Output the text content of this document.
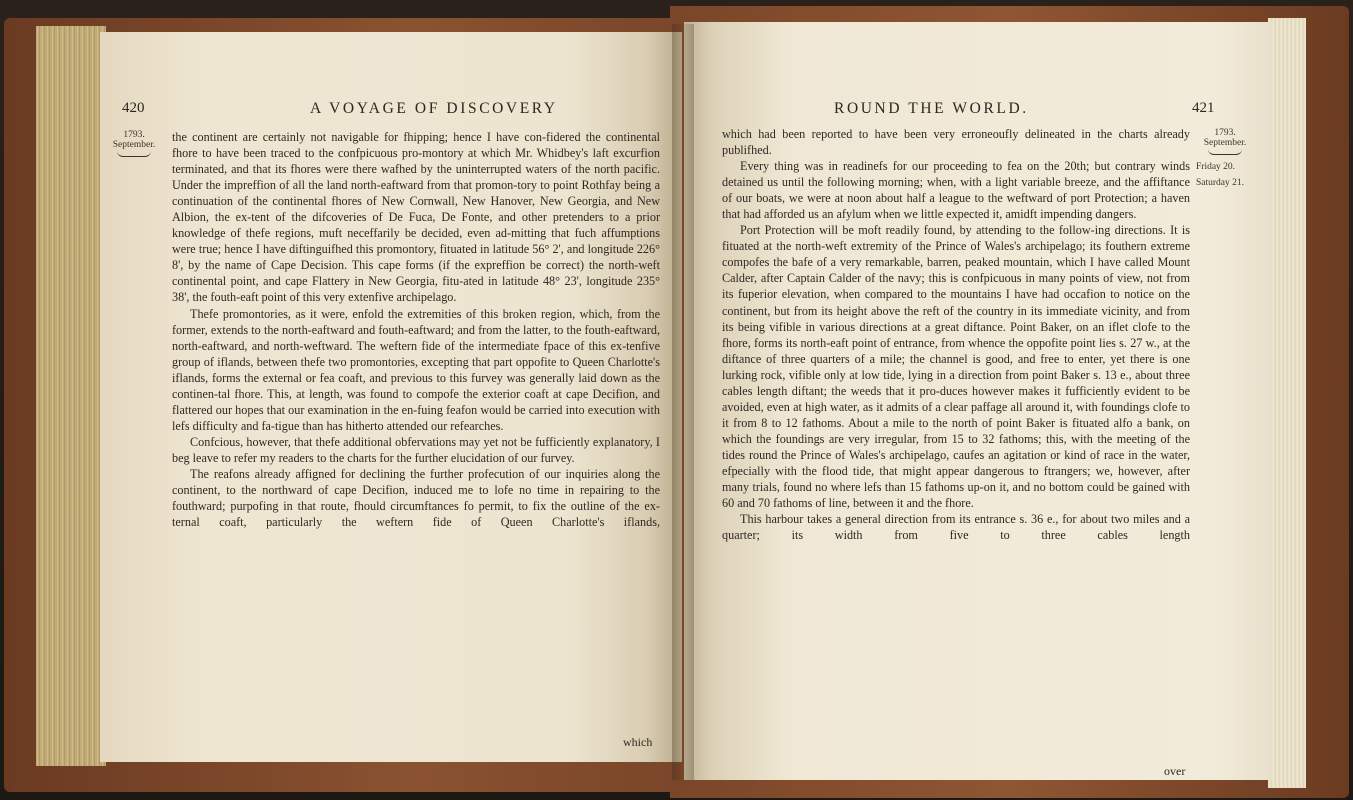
420	A VOYAGE OF DISCOVERY
1793.
September.

the continent are certainly not navigable for fhipping; hence I have con-fidered the continental fhore to have been traced to the confpicuous pro-montory at which Mr. Whidbey's laft excurfion terminated, and that its fhores were there wafhed by the uninterrupted waters of the north pacific. Under the impreffion of all the land north-eaftward from that promon-tory to point Rothfay being a continuation of the continental fhores of New Cornwall, New Hanover, New Georgia, and New Albion, the ex-tent of the difcoveries of De Fuca, De Fonte, and other pretenders to a prior knowledge of thefe regions, muft neceffarily be decided, even ad-mitting that fuch affumptions were true; hence I have diftinguifhed this promontory, fituated in latitude 56° 2', and longitude 226° 8', by the name of Cape Decision. This cape forms (if the expreffion be correct) the north-weft continental point, and cape Flattery in New Georgia, fitu-ated in latitude 48° 23', longitude 235° 38', the fouth-eaft point of this very extenfive archipelago.

Thefe promontories, as it were, enfold the extremities of this broken region, which, from the former, extends to the north-eaftward and fouth-eaftward; and from the latter, to the fouth-eaftward, north-eaftward, and north-weftward. The weftern fide of the intermediate fpace of this ex-tenfive group of iflands, between thefe two promontories, excepting that part oppofite to Queen Charlotte's iflands, forms the external or fea coaft, and previous to this furvey was generally laid down as the continen-tal fhore. This, at length, was found to compofe the exterior coaft at cape Decifion, and flattered our hopes that our examination in the en-fuing feafon would be carried into execution with lefs difficulty and fa-tigue than has hitherto attended our refearches.

Confcious, however, that thefe additional obfervations may yet not be fufficiently explanatory, I beg leave to refer my readers to the charts for the further elucidation of our furvey.

The reafons already affigned for declining the further profecution of our inquiries along the continent, to the northward of cape Decifion, induced me to lofe no time in repairing to the fouthward; purpofing in that route, fhould circumftances fo permit, to fix the outline of the ex-ternal coaft, particularly the weftern fide of Queen Charlotte's iflands,

which
ROUND THE WORLD.	421
1793.
September.
Friday 20.
Saturday 21.

which had been reported to have been very erroneoufly delineated in the charts already publifhed.

Every thing was in readinefs for our proceeding to fea on the 20th; but contrary winds detained us until the following morning; when, with a light variable breeze, and the affiftance of our boats, we were at noon about half a league to the weftward of port Protection; a haven that had afforded us an afylum when we little expected it, amidft impending dangers.

Port Protection will be moft readily found, by attending to the follow-ing directions. It is fituated at the north-weft extremity of the Prince of Wales's archipelago; its fouthern extreme compofes the bafe of a very remarkable, barren, peaked mountain, which I have called Mount Calder, after Captain Calder of the navy; this is confpicuous in many points of view, not from its fuperior elevation, when compared to the mountains I have had occafion to notice on the continent, but from its height above the reft of the country in its immediate vicinity, and from its being vifible in various directions at a great diftance. Point Baker, on an iflet clofe to the fhore, forms its north-eaft point of entrance, from whence the oppofite point lies s. 27 w., at the diftance of three quarters of a mile; the channel is good, and free to enter, yet there is one lurking rock, vifible only at low tide, lying in a direction from point Baker s. 13 e., about three cables length diftant; the weeds that it pro-duces however makes it fufficiently evident to be avoided, even at high water, as it admits of a clear paffage all around it, with foundings clofe to it from 8 to 12 fathoms. About a mile to the north of point Baker is fituated alfo a bank, on which the foundings are very irregular, from 15 to 32 fathoms; this, with the meeting of the tides round the Prince of Wales's archipelago, caufes an agitation or kind of race in the water, efpecially with the flood tide, that might appear dangerous to ftrangers; we, however, after many trials, found no where lefs than 15 fathoms up-on it, and no bottom could be gained with 60 and 70 fathoms of line, between it and the fhore.

This harbour takes a general direction from its entrance s. 36 e., for about two miles and a quarter; its width from five to three cables length

over
